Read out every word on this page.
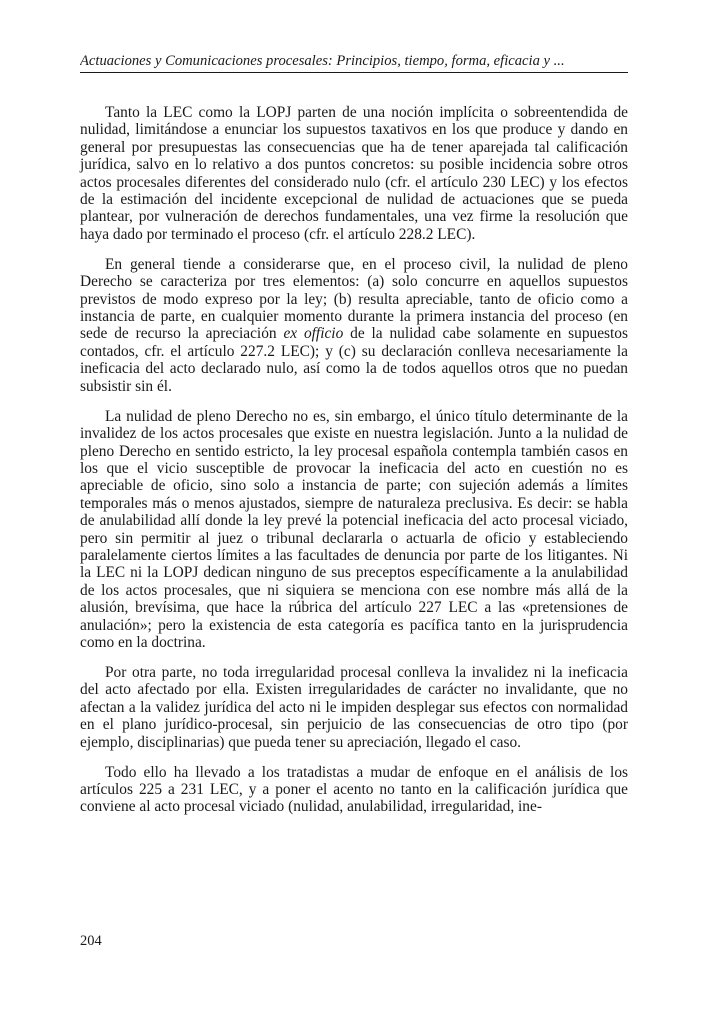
Actuaciones y Comunicaciones procesales: Principios, tiempo, forma, eficacia y ...

Tanto la LEC como la LOPJ parten de una noción implícita o sobreentendida de nulidad, limitándose a enunciar los supuestos taxativos en los que produce y dando en general por presupuestas las consecuencias que ha de tener aparejada tal calificación jurídica, salvo en lo relativo a dos puntos concretos: su posible incidencia sobre otros actos procesales diferentes del considerado nulo (cfr. el artículo 230 LEC) y los efectos de la estimación del incidente excepcional de nulidad de actuaciones que se pueda plantear, por vulneración de derechos fundamentales, una vez firme la resolución que haya dado por terminado el proceso (cfr. el artículo 228.2 LEC).

En general tiende a considerarse que, en el proceso civil, la nulidad de pleno Derecho se caracteriza por tres elementos: (a) solo concurre en aquellos supuestos previstos de modo expreso por la ley; (b) resulta apreciable, tanto de oficio como a instancia de parte, en cualquier momento durante la primera instancia del proceso (en sede de recurso la apreciación ex officio de la nulidad cabe solamente en supuestos contados, cfr. el artículo 227.2 LEC); y (c) su declaración conlleva necesariamente la ineficacia del acto declarado nulo, así como la de todos aquellos otros que no puedan subsistir sin él.

La nulidad de pleno Derecho no es, sin embargo, el único título determinante de la invalidez de los actos procesales que existe en nuestra legislación. Junto a la nulidad de pleno Derecho en sentido estricto, la ley procesal española contempla también casos en los que el vicio susceptible de provocar la ineficacia del acto en cuestión no es apreciable de oficio, sino solo a instancia de parte; con sujeción además a límites temporales más o menos ajustados, siempre de naturaleza preclusiva. Es decir: se habla de anulabilidad allí donde la ley prevé la potencial ineficacia del acto procesal viciado, pero sin permitir al juez o tribunal declararla o actuarla de oficio y estableciendo paralelamente ciertos límites a las facultades de denuncia por parte de los litigantes. Ni la LEC ni la LOPJ dedican ninguno de sus preceptos específicamente a la anulabilidad de los actos procesales, que ni siquiera se menciona con ese nombre más allá de la alusión, brevísima, que hace la rúbrica del artículo 227 LEC a las «pretensiones de anulación»; pero la existencia de esta categoría es pacífica tanto en la jurisprudencia como en la doctrina.

Por otra parte, no toda irregularidad procesal conlleva la invalidez ni la ineficacia del acto afectado por ella. Existen irregularidades de carácter no invalidante, que no afectan a la validez jurídica del acto ni le impiden desplegar sus efectos con normalidad en el plano jurídico-procesal, sin perjuicio de las consecuencias de otro tipo (por ejemplo, disciplinarias) que pueda tener su apreciación, llegado el caso.

Todo ello ha llevado a los tratadistas a mudar de enfoque en el análisis de los artículos 225 a 231 LEC, y a poner el acento no tanto en la calificación jurídica que conviene al acto procesal viciado (nulidad, anulabilidad, irregularidad, ine-

204
